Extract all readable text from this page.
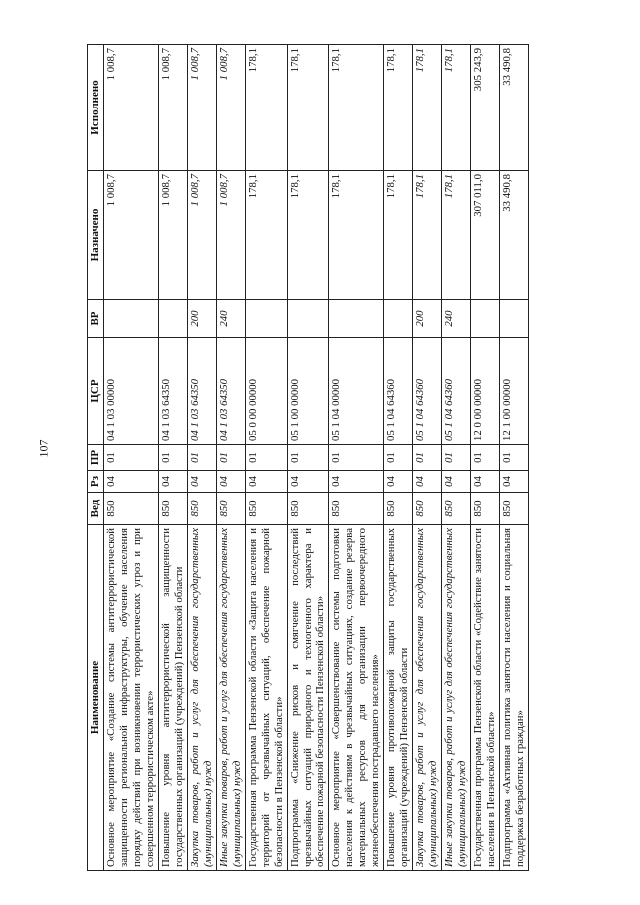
107
Наименование	Вед	Рз	ПР	ЦСР	ВР	Назначено	Исполнено
Основное мероприятие «Создание системы антитеррористической защищенности региональной инфраструктуры, обучение населения порядку действий при возникновении террористических угроз и при совершенном террористическом акте»	850	04	01	04 1 03 00000		1 008,7	1 008,7
Повышение уровня антитеррористической защищенности государственных организаций (учреждений) Пензенской области	850	04	01	04 1 03 64350		1 008,7	1 008,7
Закупка товаров, работ и услуг для обеспечения государственных (муниципальных) нужд	850	04	01	04 1 03 64350	200	1 008,7	1 008,7
Иные закупки товаров, работ и услуг для обеспечения государственных (муниципальных) нужд	850	04	01	04 1 03 64350	240	1 008,7	1 008,7
Государственная программа Пензенской области «Защита населения и территорий от чрезвычайных ситуаций, обеспечение пожарной безопасности в Пензенской области»	850	04	01	05 0 00 00000		178,1	178,1
Подпрограмма «Снижение рисков и смягчение последствий чрезвычайных ситуаций природного и техногенного характера и обеспечение пожарной безопасности Пензенской области»	850	04	01	05 1 00 00000		178,1	178,1
Основное мероприятие «Совершенствование системы подготовки населения к действиям в чрезвычайных ситуациях, создание резерва материальных ресурсов для организации первоочередного жизнеобеспечения пострадавшего населения»	850	04	01	05 1 04 00000		178,1	178,1
Повышение уровня противопожарной защиты государственных организаций (учреждений) Пензенской области	850	04	01	05 1 04 64360		178,1	178,1
Закупка товаров, работ и услуг для обеспечения государственных (муниципальных) нужд	850	04	01	05 1 04 64360	200	178,1	178,1
Иные закупки товаров, работ и услуг для обеспечения государственных (муниципальных) нужд	850	04	01	05 1 04 64360	240	178,1	178,1
Государственная программа Пензенской области «Содействие занятости населения в Пензенской области»	850	04	01	12 0 00 00000		307 011,0	305 243,9
Подпрограмма «Активная политика занятости населения и социальная поддержка безработных граждан»	850	04	01	12 1 00 00000		33 490,8	33 490,8
